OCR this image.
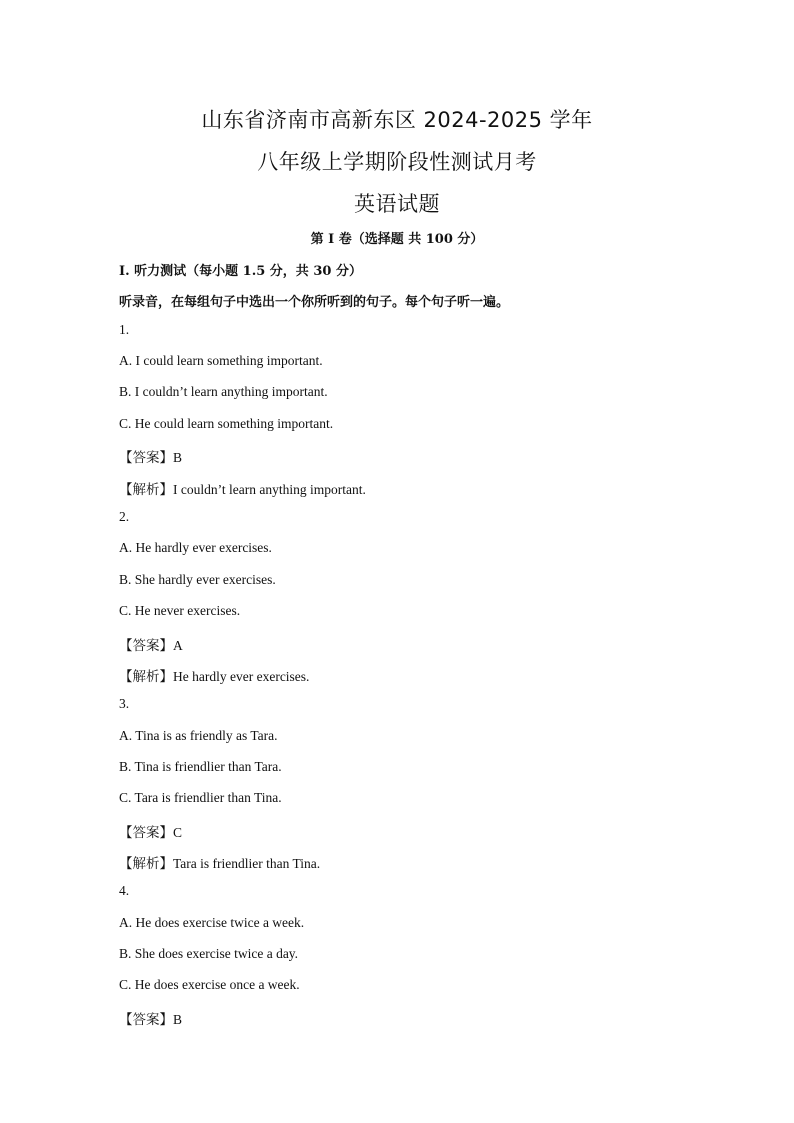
山东省济南市高新东区 2024-2025 学年
八年级上学期阶段性测试月考
英语试题
第 I 卷（选择题 共 100 分）
I. 听力测试（每小题 1.5 分，共 30 分）
听录音，在每组句子中选出一个你所听到的句子。每个句子听一遍。
1.
A. I could learn something important.
B. I couldn’t learn anything important.
C. He could learn something important.
【答案】B
【解析】I couldn’t learn anything important.
2.
A. He hardly ever exercises.
B. She hardly ever exercises.
C. He never exercises.
【答案】A
【解析】He hardly ever exercises.
3.
A. Tina is as friendly as Tara.
B. Tina is friendlier than Tara.
C. Tara is friendlier than Tina.
【答案】C
【解析】Tara is friendlier than Tina.
4.
A. He does exercise twice a week.
B. She does exercise twice a day.
C. He does exercise once a week.
【答案】B
